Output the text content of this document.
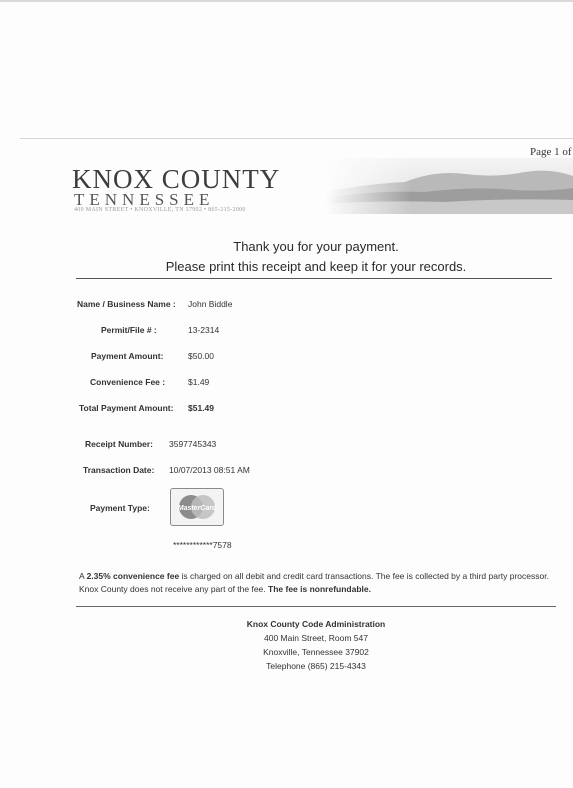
Page 1 of
KNOX COUNTY
TENNESSEE
400 MAIN STREET • KNOXVILLE, TN 37902 • 865-215-2000
Thank you for your payment.
Please print this receipt and keep it for your records.
Name / Business Name : John Biddle
Permit/File # :	13-2314
Payment Amount:	$50.00
Convenience Fee :	$1.49
Total Payment Amount: $51.49
Receipt Number: 3597745343
Transaction Date: 10/07/2013 08:51 AM
Payment Type:	MasterCard
************7578
A 2.35% convenience fee is charged on all debit and credit card transactions. The fee is collected by a third party processor. Knox County does not receive any part of the fee. The fee is nonrefundable.
Knox County Code Administration
400 Main Street, Room 547
Knoxville, Tennessee 37902
Telephone (865) 215-4343
